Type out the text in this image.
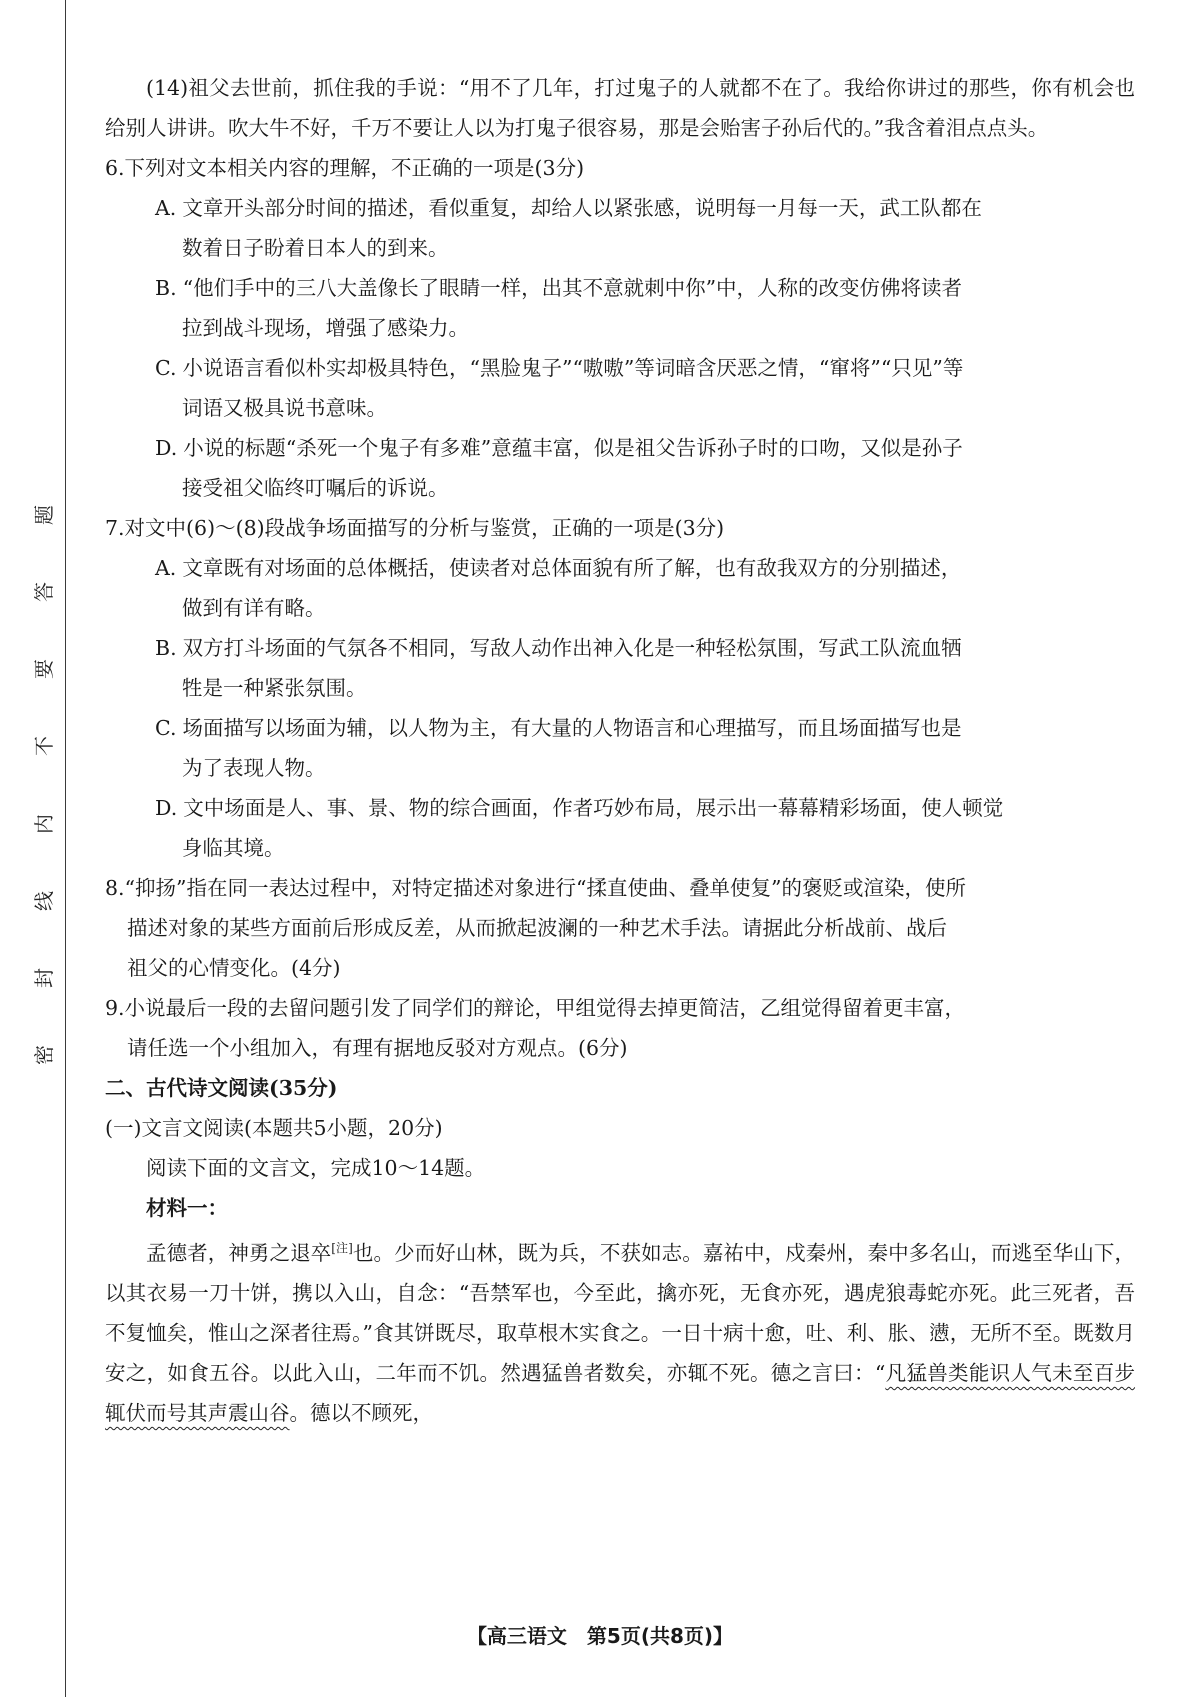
题
答
要
不
内
线
封
密

(14)祖父去世前，抓住我的手说：“用不了几年，打过鬼子的人就都不在了。我给你讲过的那些，你有机会也给别人讲讲。吹大牛不好，千万不要让人以为打鬼子很容易，那是会贻害子孙后代的。”我含着泪点点头。

6.下列对文本相关内容的理解，不正确的一项是(3分)

A. 文章开头部分时间的描述，看似重复，却给人以紧张感，说明每一月每一天，武工队都在
数着日子盼着日本人的到来。
B. “他们手中的三八大盖像长了眼睛一样，出其不意就刺中你”中，人称的改变仿佛将读者
拉到战斗现场，增强了感染力。
C. 小说语言看似朴实却极具特色，“黑脸鬼子”“嗷嗷”等词暗含厌恶之情，“窜将”“只见”等
词语又极具说书意味。
D. 小说的标题“杀死一个鬼子有多难”意蕴丰富，似是祖父告诉孙子时的口吻，又似是孙子
接受祖父临终叮嘱后的诉说。

7.对文中(6)～(8)段战争场面描写的分析与鉴赏，正确的一项是(3分)

A. 文章既有对场面的总体概括，使读者对总体面貌有所了解，也有敌我双方的分别描述，
做到有详有略。
B. 双方打斗场面的气氛各不相同，写敌人动作出神入化是一种轻松氛围，写武工队流血牺
牲是一种紧张氛围。
C. 场面描写以场面为辅，以人物为主，有大量的人物语言和心理描写，而且场面描写也是
为了表现人物。
D. 文中场面是人、事、景、物的综合画面，作者巧妙布局，展示出一幕幕精彩场面，使人顿觉
身临其境。

8.“抑扬”指在同一表达过程中，对特定描述对象进行“揉直使曲、叠单使复”的褒贬或渲染，使所

描述对象的某些方面前后形成反差，从而掀起波澜的一种艺术手法。请据此分析战前、战后

祖父的心情变化。(4分)

9.小说最后一段的去留问题引发了同学们的辩论，甲组觉得去掉更简洁，乙组觉得留着更丰富，

请任选一个小组加入，有理有据地反驳对方观点。(6分)

二、古代诗文阅读(35分)

(一)文言文阅读(本题共5小题，20分)

阅读下面的文言文，完成10～14题。

材料一：

孟德者，神勇之退卒[注]也。少而好山林，既为兵，不获如志。嘉祐中，戍秦州，秦中多名山，而逃至华山下，以其衣易一刀十饼，携以入山，自念：“吾禁军也，今至此，擒亦死，无食亦死，遇虎狼毒蛇亦死。此三死者，吾不复恤矣，惟山之深者往焉。”食其饼既尽，取草根木实食之。一日十病十愈，吐、利、胀、懑，无所不至。既数月安之，如食五谷。以此入山，二年而不饥。然遇猛兽者数矣，亦辄不死。德之言曰：“凡猛兽类能识人气未至百步辄伏而号其声震山谷。德以不顾死，

【高三语文　第5页(共8页)】
